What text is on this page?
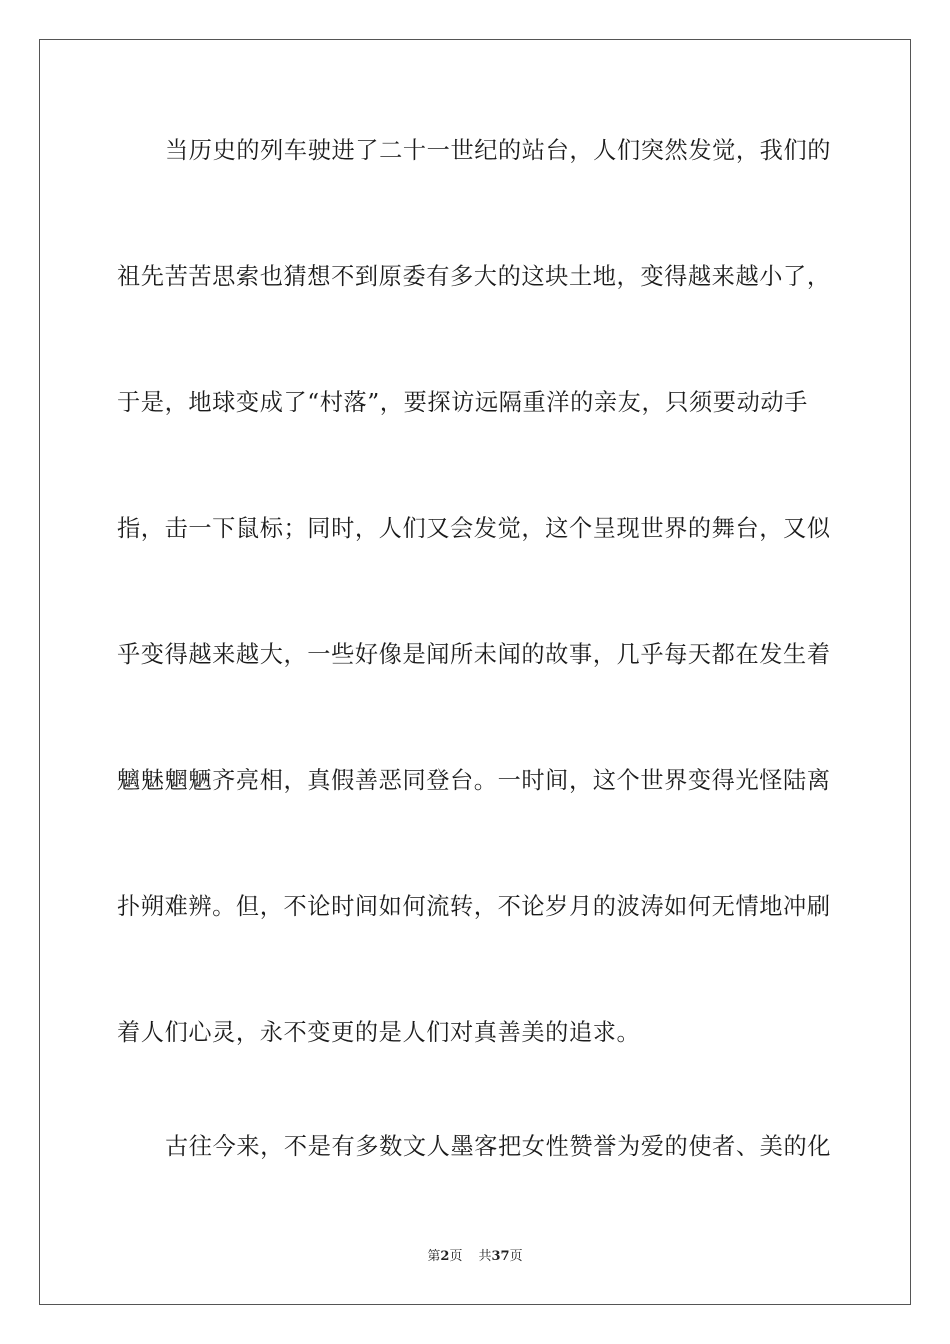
当历史的列车驶进了二十一世纪的站台，人们突然发觉，我们的
祖先苦苦思索也猜想不到原委有多大的这块土地，变得越来越小了，
于是，地球变成了“村落”，要探访远隔重洋的亲友，只须要动动手
指，击一下鼠标；同时，人们又会发觉，这个呈现世界的舞台，又似
乎变得越来越大，一些好像是闻所未闻的故事，几乎每天都在发生着
魑魅魍魉齐亮相，真假善恶同登台。一时间，这个世界变得光怪陆离
扑朔难辨。但，不论时间如何流转，不论岁月的波涛如何无情地冲刷
着人们心灵，永不变更的是人们对真善美的追求。
古往今来，不是有多数文人墨客把女性赞誉为爱的使者、美的化
第2页 共37页
